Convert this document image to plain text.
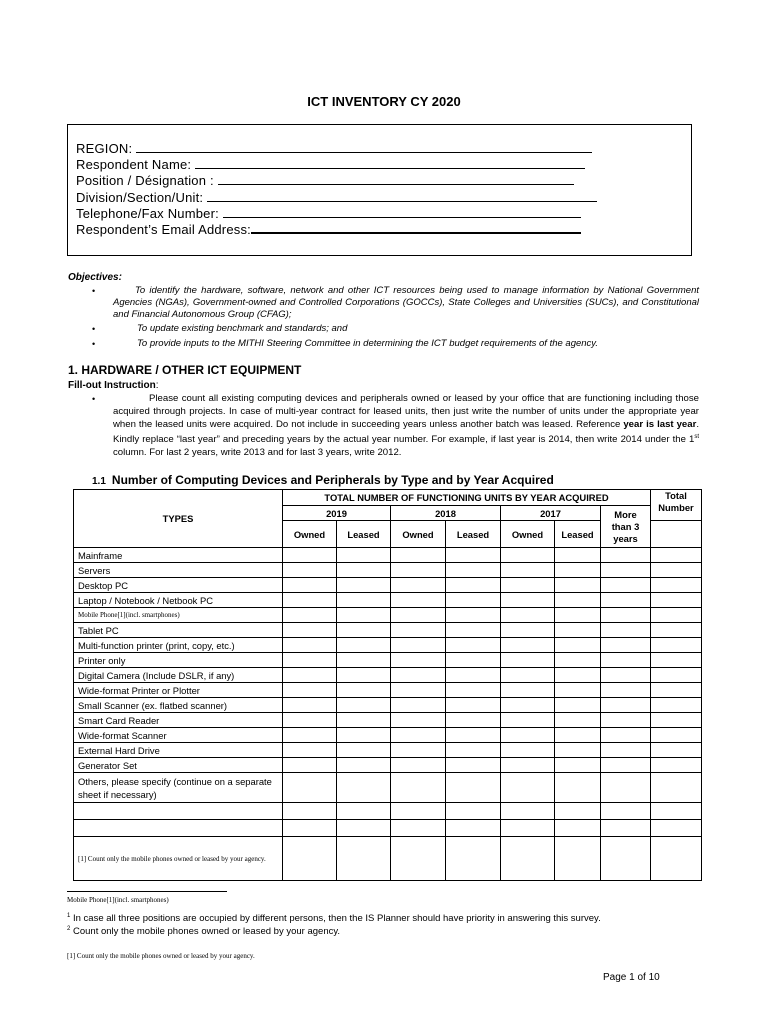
ICT INVENTORY CY 2020
REGION:
Respondent Name:
Position / Désignation :
Division/Section/Unit:
Telephone/Fax Number:
Respondent’s Email Address:
Objectives:
•	To identify the hardware, software, network and other ICT resources being used to manage information by National Government Agencies (NGAs), Government-owned and Controlled Corporations (GOCCs), State Colleges and Universities (SUCs), and Constitutional and Financial Autonomous Group (CFAG);
•	To update existing benchmark and standards; and
•	To provide inputs to the MITHI Steering Committee in determining the ICT budget requirements of the agency.
1. HARDWARE / OTHER ICT EQUIPMENT
Fill-out Instruction:
•	Please count all existing computing devices and peripherals owned or leased by your office that are functioning including those acquired through projects. In case of multi-year contract for leased units, then just write the number of units under the appropriate year when the leased units were acquired. Do not include in succeeding years unless another batch was leased. Reference year is last year. Kindly replace “last year” and preceding years by the actual year number. For example, if last year is 2014, then write 2014 under the 1st column. For last 2 years, write 2013 and for last 3 years, write 2012.
1.1 Number of Computing Devices and Peripherals by Type and by Year Acquired
TYPES	TOTAL NUMBER OF FUNCTIONING UNITS BY YEAR ACQUIRED							Total Number
	2019		2018		2017		More than 3 years	
	Owned	Leased	Owned	Leased	Owned	Leased		
Mainframe								
Servers								
Desktop PC								
Laptop / Notebook / Netbook PC								
Mobile Phone[1](incl. smartphones)								
Tablet PC								
Multi-function printer (print, copy, etc.)								
Printer only								
Digital Camera (Include DSLR, if any)								
Wide-format Printer or Plotter								
Small Scanner (ex. flatbed scanner)								
Smart Card Reader								
Wide-format Scanner								
External Hard Drive								
Generator Set								
Others, please specify (continue on a separate sheet if necessary)								

[1] Count only the mobile phones owned or leased by your agency.								
Mobile Phone[1](incl. smartphones)
$^1$ In case all three positions are occupied by different persons, then the IS Planner should have priority in answering this survey.
$^2$ Count only the mobile phones owned or leased by your agency.
[1] Count only the mobile phones owned or leased by your agency.
Page 1 of 10
